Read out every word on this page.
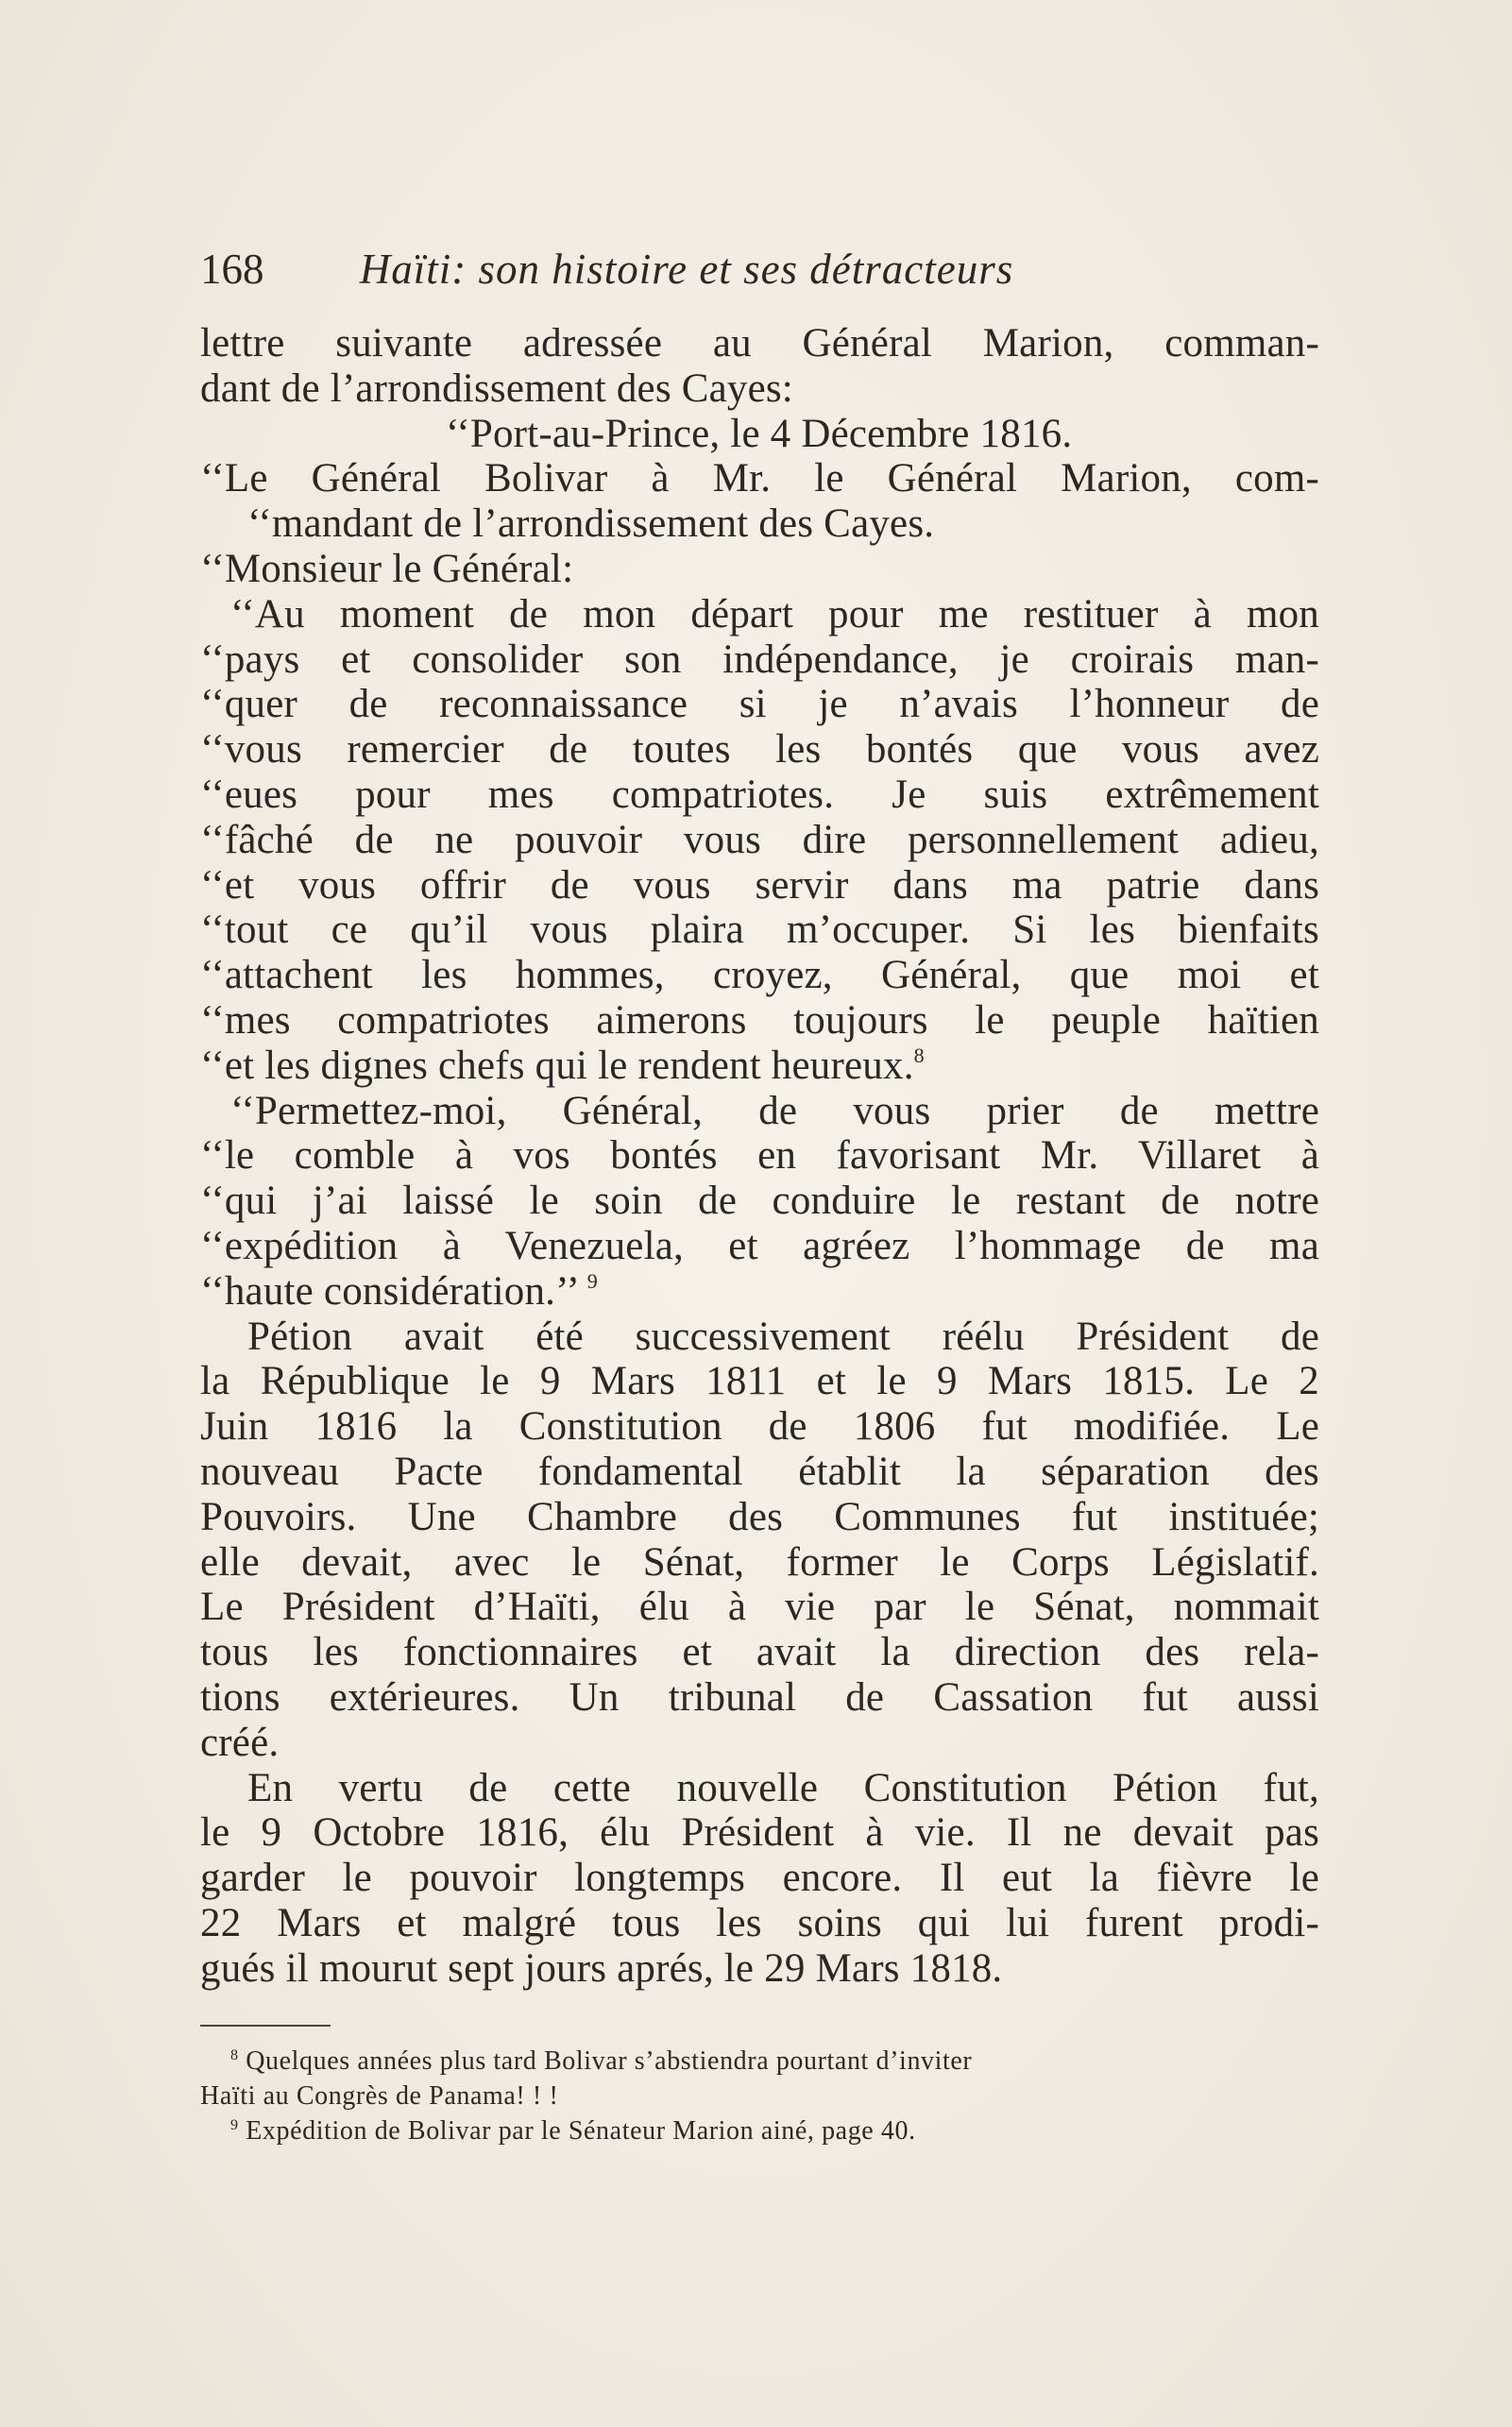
168 Haïti: son histoire et ses détracteurs
lettre suivante adressée au Général Marion, comman-
dant de l’arrondissement des Cayes:
‘‘Port-au-Prince, le 4 Décembre 1816.
‘‘Le Général Bolivar à Mr. le Général Marion, com-
‘‘mandant de l’arrondissement des Cayes.
‘‘Monsieur le Général:
‘‘Au moment de mon départ pour me restituer à mon
‘‘pays et consolider son indépendance, je croirais man-
‘‘quer de reconnaissance si je n’avais l’honneur de
‘‘vous remercier de toutes les bontés que vous avez
‘‘eues pour mes compatriotes. Je suis extrêmement
‘‘fâché de ne pouvoir vous dire personnellement adieu,
‘‘et vous offrir de vous servir dans ma patrie dans
‘‘tout ce qu’il vous plaira m’occuper. Si les bienfaits
‘‘attachent les hommes, croyez, Général, que moi et
‘‘mes compatriotes aimerons toujours le peuple haïtien
‘‘et les dignes chefs qui le rendent heureux.$^8$
‘‘Permettez-moi, Général, de vous prier de mettre
‘‘le comble à vos bontés en favorisant Mr. Villaret à
‘‘qui j’ai laissé le soin de conduire le restant de notre
‘‘expédition à Venezuela, et agréez l’hommage de ma
‘‘haute considération.’’ $^9$
Pétion avait été successivement réélu Président de
la République le 9 Mars 1811 et le 9 Mars 1815. Le 2
Juin 1816 la Constitution de 1806 fut modifiée. Le
nouveau Pacte fondamental établit la séparation des
Pouvoirs. Une Chambre des Communes fut instituée;
elle devait, avec le Sénat, former le Corps Législatif.
Le Président d’Haïti, élu à vie par le Sénat, nommait
tous les fonctionnaires et avait la direction des rela-
tions extérieures. Un tribunal de Cassation fut aussi
créé.
En vertu de cette nouvelle Constitution Pétion fut,
le 9 Octobre 1816, élu Président à vie. Il ne devait pas
garder le pouvoir longtemps encore. Il eut la fièvre le
22 Mars et malgré tous les soins qui lui furent prodi-
gués il mourut sept jours aprés, le 29 Mars 1818.
$^8$ Quelques années plus tard Bolivar s’abstiendra pourtant d’inviter
Haïti au Congrès de Panama! ! !
$^9$ Expédition de Bolivar par le Sénateur Marion ainé, page 40.
